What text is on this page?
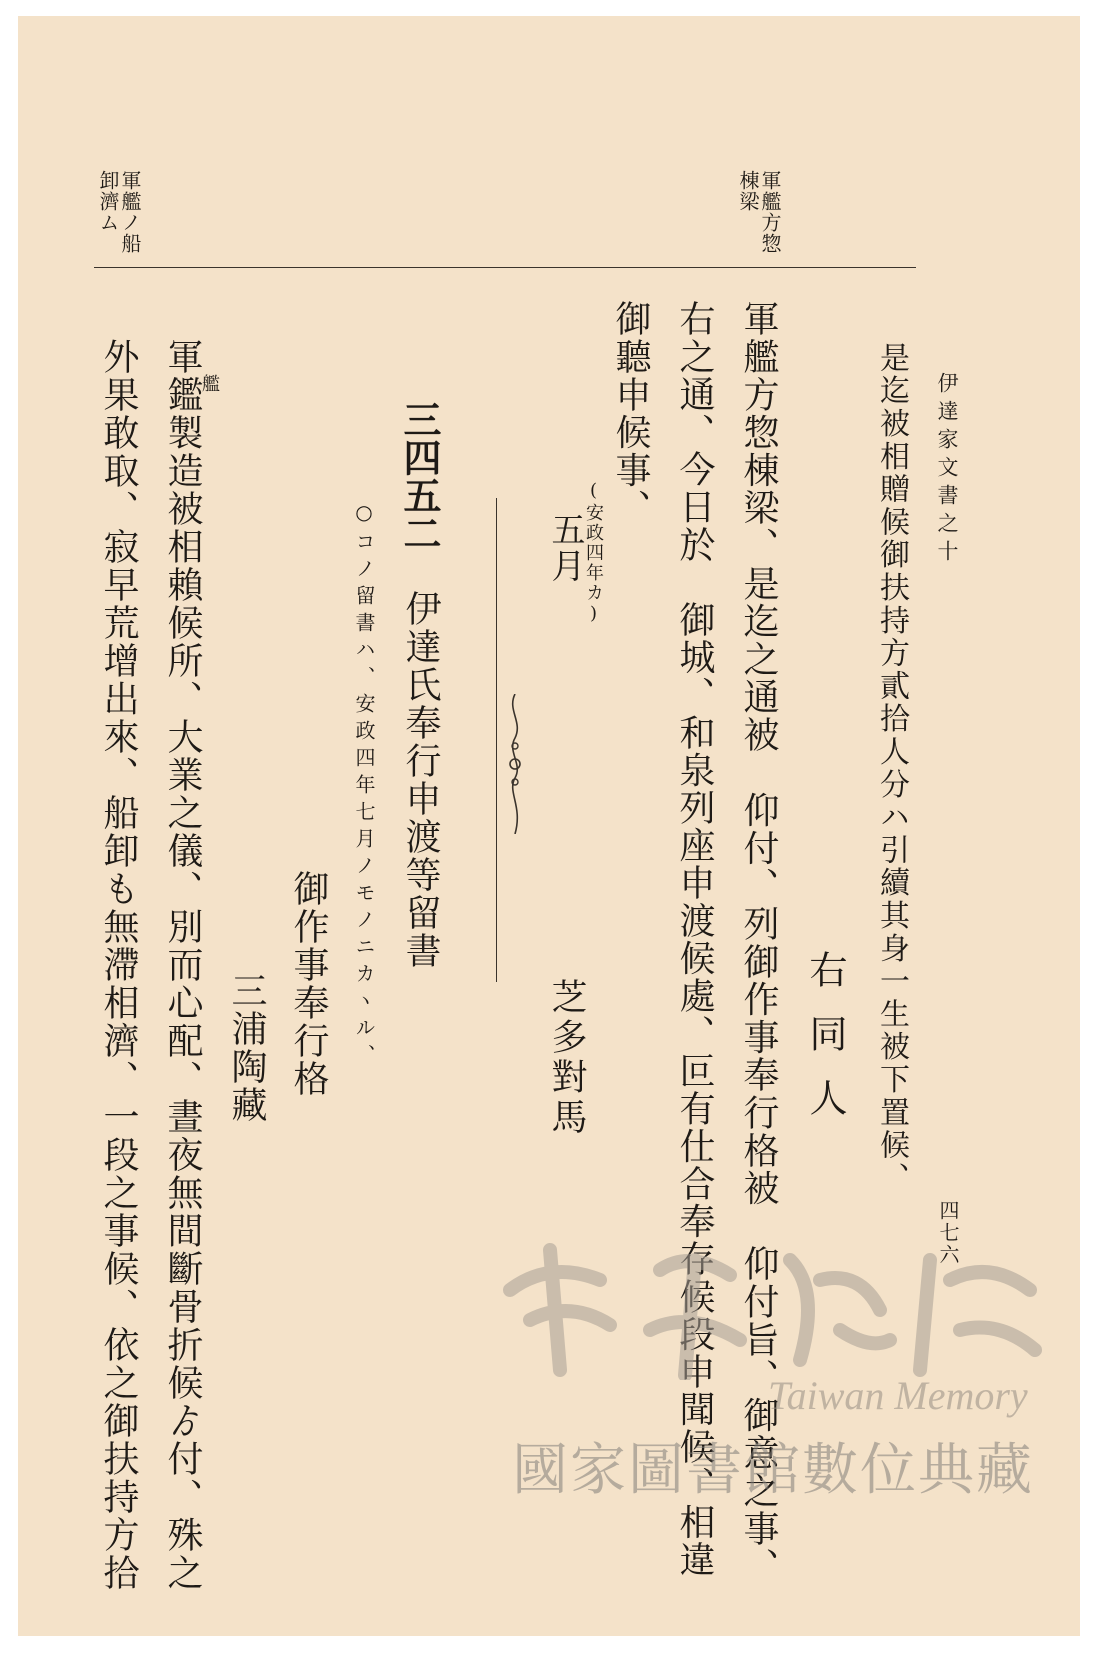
伊達家文書之十
四七六
軍艦方惣
棟梁
軍艦ノ船
卸濟ム
是迄被相贈候御扶持方貳拾人分ハ引續其身一生被下置候、
右同人
軍艦方惣棟梁、是迄之通被　仰付、列御作事奉行格被　仰付旨、御意之事、
右之通、今日於　御城、和泉列座申渡候處、叵有仕合奉存候段申聞候、相違
御聽申候事、
(安政四年カ)
五月
芝多對馬
三四五二
伊達氏奉行申渡等留書
○コノ留書ハ、安政四年七月ノモノニカヽル、
御作事奉行格
三浦陶藏
艦
軍鑑製造被相賴候所、大業之儀、別而心配、晝夜無間斷骨折候ゟ付、殊之
外果敢取、寂早荒增出來、船卸も無滯相濟、一段之事候、依之御扶持方拾	Taiwan Memory
國家圖書館數位典藏
